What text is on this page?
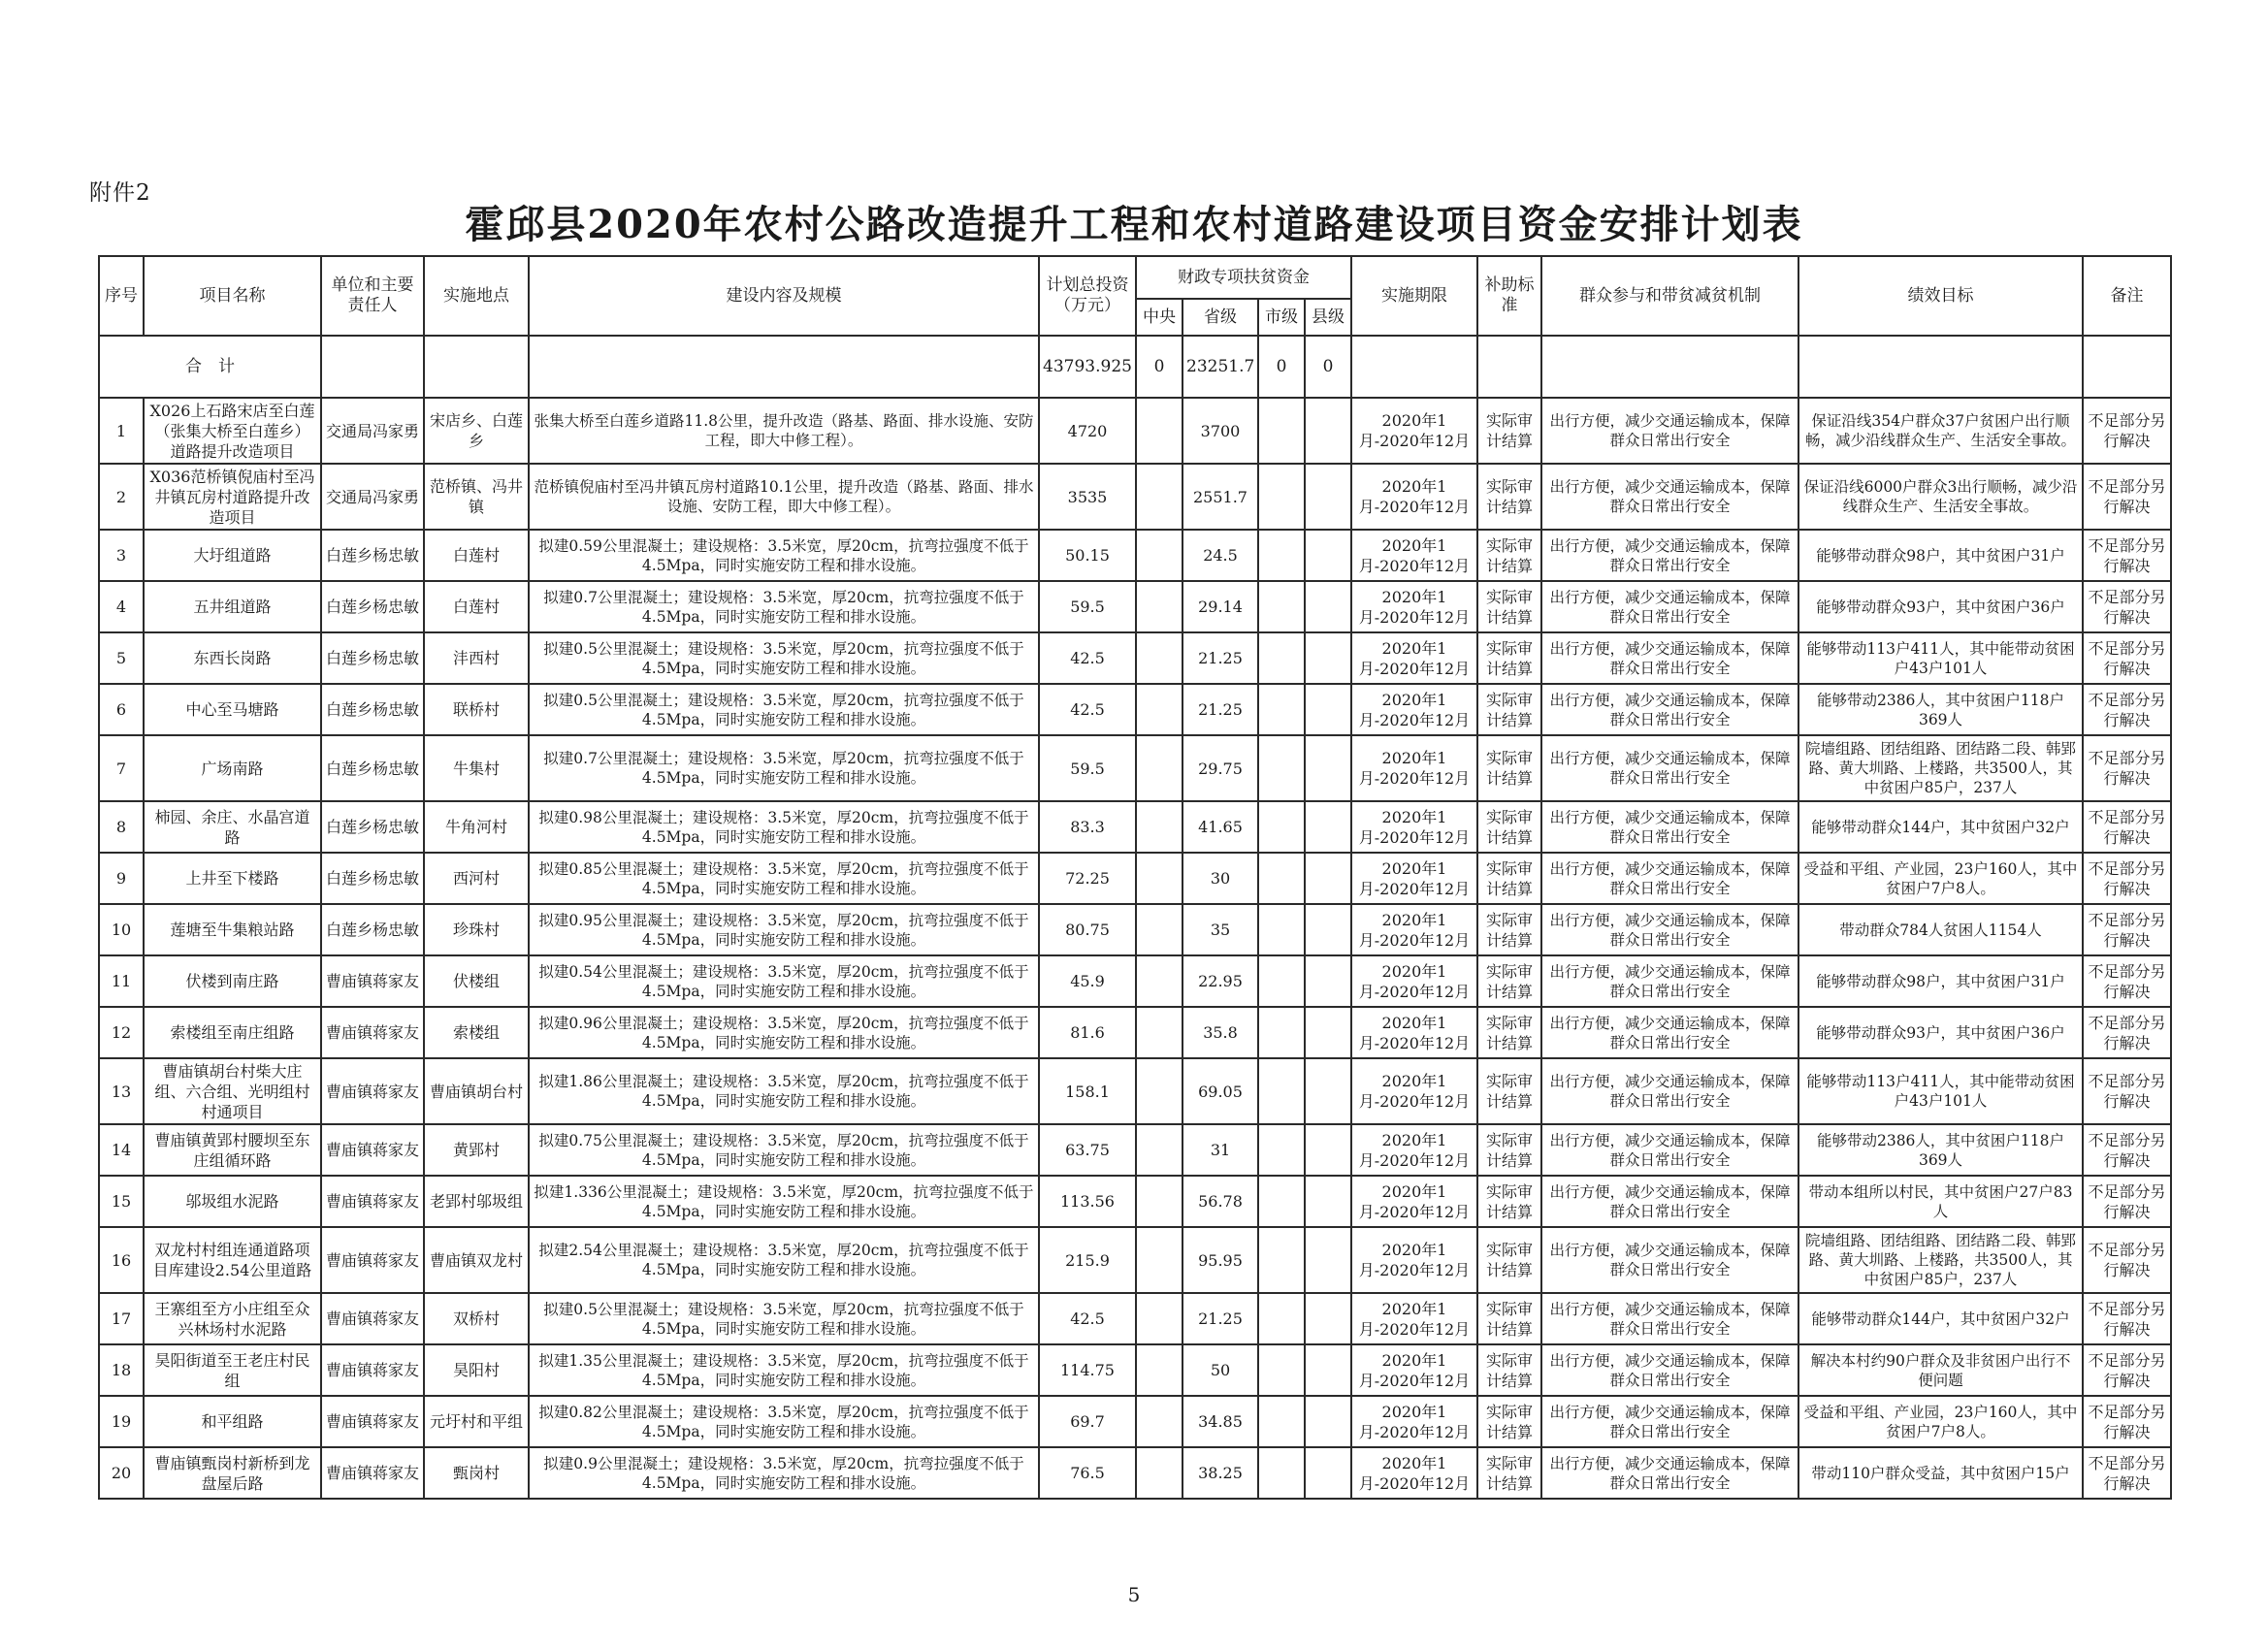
附件2
霍邱县2020年农村公路改造提升工程和农村道路建设项目资金安排计划表
序号	项目名称	单位和主要责任人	实施地点	建设内容及规模	计划总投资（万元）	财政专项扶贫资金				实施期限	补助标准	群众参与和带贫减贫机制	绩效目标	备注
						中央	省级	市级	县级					
合　计					43793.925	0	23251.7	0	0					
1	X026上石路宋店至白莲（张集大桥至白莲乡）道路提升改造项目	交通局冯家勇	宋店乡、白莲乡	张集大桥至白莲乡道路11.8公里，提升改造（路基、路面、排水设施、安防工程，即大中修工程）。	4720		3700			2020年1月-2020年12月	实际审计结算	出行方便，减少交通运输成本，保障群众日常出行安全	保证沿线354户群众37户贫困户出行顺畅，减少沿线群众生产、生活安全事故。	不足部分另行解决
2	X036范桥镇倪庙村至冯井镇瓦房村道路提升改造项目	交通局冯家勇	范桥镇、冯井镇	范桥镇倪庙村至冯井镇瓦房村道路10.1公里，提升改造（路基、路面、排水设施、安防工程，即大中修工程）。	3535		2551.7			2020年1月-2020年12月	实际审计结算	出行方便，减少交通运输成本，保障群众日常出行安全	保证沿线6000户群众3出行顺畅，减少沿线群众生产、生活安全事故。	不足部分另行解决
3	大圩组道路	白莲乡杨忠敏	白莲村	拟建0.59公里混凝土；建设规格：3.5米宽，厚20cm，抗弯拉强度不低于4.5Mpa，同时实施安防工程和排水设施。	50.15		24.5			2020年1月-2020年12月	实际审计结算	出行方便，减少交通运输成本，保障群众日常出行安全	能够带动群众98户，其中贫困户31户	不足部分另行解决
4	五井组道路	白莲乡杨忠敏	白莲村	拟建0.7公里混凝土；建设规格：3.5米宽，厚20cm，抗弯拉强度不低于4.5Mpa，同时实施安防工程和排水设施。	59.5		29.14			2020年1月-2020年12月	实际审计结算	出行方便，减少交通运输成本，保障群众日常出行安全	能够带动群众93户，其中贫困户36户	不足部分另行解决
5	东西长岗路	白莲乡杨忠敏	沣西村	拟建0.5公里混凝土；建设规格：3.5米宽，厚20cm，抗弯拉强度不低于4.5Mpa，同时实施安防工程和排水设施。	42.5		21.25			2020年1月-2020年12月	实际审计结算	出行方便，减少交通运输成本，保障群众日常出行安全	能够带动113户411人，其中能带动贫困户43户101人	不足部分另行解决
6	中心至马塘路	白莲乡杨忠敏	联桥村	拟建0.5公里混凝土；建设规格：3.5米宽，厚20cm，抗弯拉强度不低于4.5Mpa，同时实施安防工程和排水设施。	42.5		21.25			2020年1月-2020年12月	实际审计结算	出行方便，减少交通运输成本，保障群众日常出行安全	能够带动2386人，其中贫困户118户369人	不足部分另行解决
7	广场南路	白莲乡杨忠敏	牛集村	拟建0.7公里混凝土；建设规格：3.5米宽，厚20cm，抗弯拉强度不低于4.5Mpa，同时实施安防工程和排水设施。	59.5		29.75			2020年1月-2020年12月	实际审计结算	出行方便，减少交通运输成本，保障群众日常出行安全	院墙组路、团结组路、团结路二段、韩郢路、黄大圳路、上楼路，共3500人，其中贫困户85户，237人	不足部分另行解决
8	柿园、余庄、水晶宫道路	白莲乡杨忠敏	牛角河村	拟建0.98公里混凝土；建设规格：3.5米宽，厚20cm，抗弯拉强度不低于4.5Mpa，同时实施安防工程和排水设施。	83.3		41.65			2020年1月-2020年12月	实际审计结算	出行方便，减少交通运输成本，保障群众日常出行安全	能够带动群众144户，其中贫困户32户	不足部分另行解决
9	上井至下楼路	白莲乡杨忠敏	西河村	拟建0.85公里混凝土；建设规格：3.5米宽，厚20cm，抗弯拉强度不低于4.5Mpa，同时实施安防工程和排水设施。	72.25		30			2020年1月-2020年12月	实际审计结算	出行方便，减少交通运输成本，保障群众日常出行安全	受益和平组、产业园，23户160人，其中贫困户7户8人。	不足部分另行解决
10	莲塘至牛集粮站路	白莲乡杨忠敏	珍珠村	拟建0.95公里混凝土；建设规格：3.5米宽，厚20cm，抗弯拉强度不低于4.5Mpa，同时实施安防工程和排水设施。	80.75		35			2020年1月-2020年12月	实际审计结算	出行方便，减少交通运输成本，保障群众日常出行安全	带动群众784人贫困人1154人	不足部分另行解决
11	伏楼到南庄路	曹庙镇蒋家友	伏楼组	拟建0.54公里混凝土；建设规格：3.5米宽，厚20cm，抗弯拉强度不低于4.5Mpa，同时实施安防工程和排水设施。	45.9		22.95			2020年1月-2020年12月	实际审计结算	出行方便，减少交通运输成本，保障群众日常出行安全	能够带动群众98户，其中贫困户31户	不足部分另行解决
12	索楼组至南庄组路	曹庙镇蒋家友	索楼组	拟建0.96公里混凝土；建设规格：3.5米宽，厚20cm，抗弯拉强度不低于4.5Mpa，同时实施安防工程和排水设施。	81.6		35.8			2020年1月-2020年12月	实际审计结算	出行方便，减少交通运输成本，保障群众日常出行安全	能够带动群众93户，其中贫困户36户	不足部分另行解决
13	曹庙镇胡台村柴大庄组、六合组、光明组村村通项目	曹庙镇蒋家友	曹庙镇胡台村	拟建1.86公里混凝土；建设规格：3.5米宽，厚20cm，抗弯拉强度不低于4.5Mpa，同时实施安防工程和排水设施。	158.1		69.05			2020年1月-2020年12月	实际审计结算	出行方便，减少交通运输成本，保障群众日常出行安全	能够带动113户411人，其中能带动贫困户43户101人	不足部分另行解决
14	曹庙镇黄郢村腰坝至东庄组循环路	曹庙镇蒋家友	黄郢村	拟建0.75公里混凝土；建设规格：3.5米宽，厚20cm，抗弯拉强度不低于4.5Mpa，同时实施安防工程和排水设施。	63.75		31			2020年1月-2020年12月	实际审计结算	出行方便，减少交通运输成本，保障群众日常出行安全	能够带动2386人，其中贫困户118户369人	不足部分另行解决
15	邬圾组水泥路	曹庙镇蒋家友	老郢村邬圾组	拟建1.336公里混凝土；建设规格：3.5米宽，厚20cm，抗弯拉强度不低于4.5Mpa，同时实施安防工程和排水设施。	113.56		56.78			2020年1月-2020年12月	实际审计结算	出行方便，减少交通运输成本，保障群众日常出行安全	带动本组所以村民，其中贫困户27户83人	不足部分另行解决
16	双龙村村组连通道路项目库建设2.54公里道路	曹庙镇蒋家友	曹庙镇双龙村	拟建2.54公里混凝土；建设规格：3.5米宽，厚20cm，抗弯拉强度不低于4.5Mpa，同时实施安防工程和排水设施。	215.9		95.95			2020年1月-2020年12月	实际审计结算	出行方便，减少交通运输成本，保障群众日常出行安全	院墙组路、团结组路、团结路二段、韩郢路、黄大圳路、上楼路，共3500人，其中贫困户85户，237人	不足部分另行解决
17	王寨组至方小庄组至众兴林场村水泥路	曹庙镇蒋家友	双桥村	拟建0.5公里混凝土；建设规格：3.5米宽，厚20cm，抗弯拉强度不低于4.5Mpa，同时实施安防工程和排水设施。	42.5		21.25			2020年1月-2020年12月	实际审计结算	出行方便，减少交通运输成本，保障群众日常出行安全	能够带动群众144户，其中贫困户32户	不足部分另行解决
18	昊阳街道至王老庄村民组	曹庙镇蒋家友	昊阳村	拟建1.35公里混凝土；建设规格：3.5米宽，厚20cm，抗弯拉强度不低于4.5Mpa，同时实施安防工程和排水设施。	114.75		50			2020年1月-2020年12月	实际审计结算	出行方便，减少交通运输成本，保障群众日常出行安全	解决本村约90户群众及非贫困户出行不便问题	不足部分另行解决
19	和平组路	曹庙镇蒋家友	元圩村和平组	拟建0.82公里混凝土；建设规格：3.5米宽，厚20cm，抗弯拉强度不低于4.5Mpa，同时实施安防工程和排水设施。	69.7		34.85			2020年1月-2020年12月	实际审计结算	出行方便，减少交通运输成本，保障群众日常出行安全	受益和平组、产业园，23户160人，其中贫困户7户8人。	不足部分另行解决
20	曹庙镇甄岗村新桥到龙盘屋后路	曹庙镇蒋家友	甄岗村	拟建0.9公里混凝土；建设规格：3.5米宽，厚20cm，抗弯拉强度不低于4.5Mpa，同时实施安防工程和排水设施。	76.5		38.25			2020年1月-2020年12月	实际审计结算	出行方便，减少交通运输成本，保障群众日常出行安全	带动110户群众受益，其中贫困户15户	不足部分另行解决
5
